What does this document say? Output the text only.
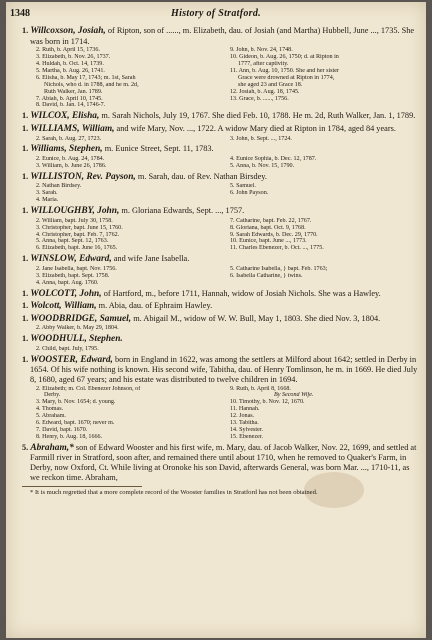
History of Stratford.
1348
1. Willcoxson, Josiah, of Ripton, son of ......, m. Elizabeth, dau. of Josiah (and Martha) Hubbell, June ..., 1735. She was born in 1714.
2. Ruth, b. April 15, 1736.
3. Elizabeth, b. Nov. 26, 1737.
4. Huldah, b. Oct. 14, 1739.
5. Martha, b. Aug. 26, 1741.
6. Elisha, b. May 17, 1743; m. 1st, Sarah
Nichols, who d. in 1788, and he m. 2d,
Ruth Walker, Jan. 1789.
7. Abiah, b. April 10, 1745.
8. David, b. Jan. 14, 1746-7.
9. John, b. Nov. 24, 1748.
10. Gideon, b. Aug. 26, 1750; d. at Ripton in
1777, after captivity.
11. Ann, b. Aug. 10, 1750. She and her sister
Grace were drowned at Ripton in 1774,
she aged 23 and Grace 18.
12. Josiah, b. Aug. 18, 1745.
13. Grace, b. ......, 1756.
1. WILCOX, Elisha, m. Sarah Nichols, July 19, 1767. She died Feb. 10, 1788. He m. 2d, Ruth Walker, Jan. 1, 1789.
1. WILLIAMS, William, and wife Mary, Nov. ..., 1722. A widow Mary died at Ripton in 1784, aged 84 years.
2. Sarah, b. Aug. 27, 1723.	3. John, b. Sept. ..., 1724.
1. Williams, Stephen, m. Eunice Street, Sept. 11, 1783.
2. Eunice, b. Aug. 24, 1784.
3. William, b. June 26, 1786.
4. Eunice Sophia, b. Dec. 12, 1787.
5. Anna, b. Nov. 15, 1790.
1. WILLISTON, Rev. Payson, m. Sarah, dau. of Rev. Nathan Birsdey.
2. Nathan Birdsey.
3. Sarah.
4. Maria.
5. Samuel.
6. John Payson.
1. WILLOUGHBY, John, m. Gloriana Edwards, Sept. ..., 1757.
2. William, bapt. July 30, 1758.
3. Christopher, bapt. June 15, 1760.
4. Christopher, bapt. Feb. 7, 1762.
5. Anna, bapt. Sept. 12, 1763.
6. Elizabeth, bapt. June 16, 1765.
7. Catharine, bapt. Feb. 22, 1767.
8. Gloriana, bapt. Oct. 9, 1768.
9. Sarah Edwards, b. Dec. 29, 1770.
10. Eunice, bapt. June ..., 1773.
11. Charles Ebenezer, b. Oct. ..., 1775.
1. WINSLOW, Edward, and wife Jane Isabella.
2. Jane Isabella, bapt. Nov. 1756.
3. Elizabeth, bapt. Sept. 1758.
4. Anna, bapt. Aug. 1760.
5. Catharine Isabella, } bapt. Feb. 1763;
6. Isabella Catharine, } twins.
1. WOLCOTT, John, of Hartford, m., before 1711, Hannah, widow of Josiah Nichols. She was a Hawley.
1. Wolcott, William, m. Abia, dau. of Ephraim Hawley.
1. WOODBRIDGE, Samuel, m. Abigail M., widow of W. W. Bull, May 1, 1803. She died Nov. 3, 1804.
2. Abby Walker, b. May 29, 1804.
1. WOODHULL, Stephen.
2. Child, bapt. July, 1795.
1. WOOSTER, Edward, born in England in 1622, was among the settlers at Milford about 1642; settled in Derby in 1654. Of his wife nothing is known. His second wife, Tabitha, dau. of Henry Tomlinson, he m. in 1669. He died July 8, 1680, aged 67 years; and his estate was distributed to twelve children in 1694.
2. Elizabeth; m. Col. Ebenezer Johnson, of
Derby.
3. Mary, b. Nov. 1654; d. young.
4. Thomas.
5. Abraham.
6. Edward, bapt. 1670; never m.
7. David, bapt. 1670.
8. Henry, b. Aug. 18, 1666.
9. Ruth, b. April 8, 1668.
By Second Wife.
10. Timothy, b. Nov. 12, 1670.
11. Hannah.
12. Jonas.
13. Tabitha.
14. Sylvester.
15. Ebenezer.
5. Abraham,* son of Edward Wooster and his first wife, m. Mary, dau. of Jacob Walker, Nov. 22, 1699, and settled at Farmill river in Stratford, soon after, and remained there until about 1710, when he removed to Quaker's Farm, in Derby, now Oxford, Ct. While living at Oronoke his son David, afterwards General, was born Mar. ..., 1710-11, as we reckon time. Abraham,
* It is much regretted that a more complete record of the Wooster families in Stratford has not been obtained.
